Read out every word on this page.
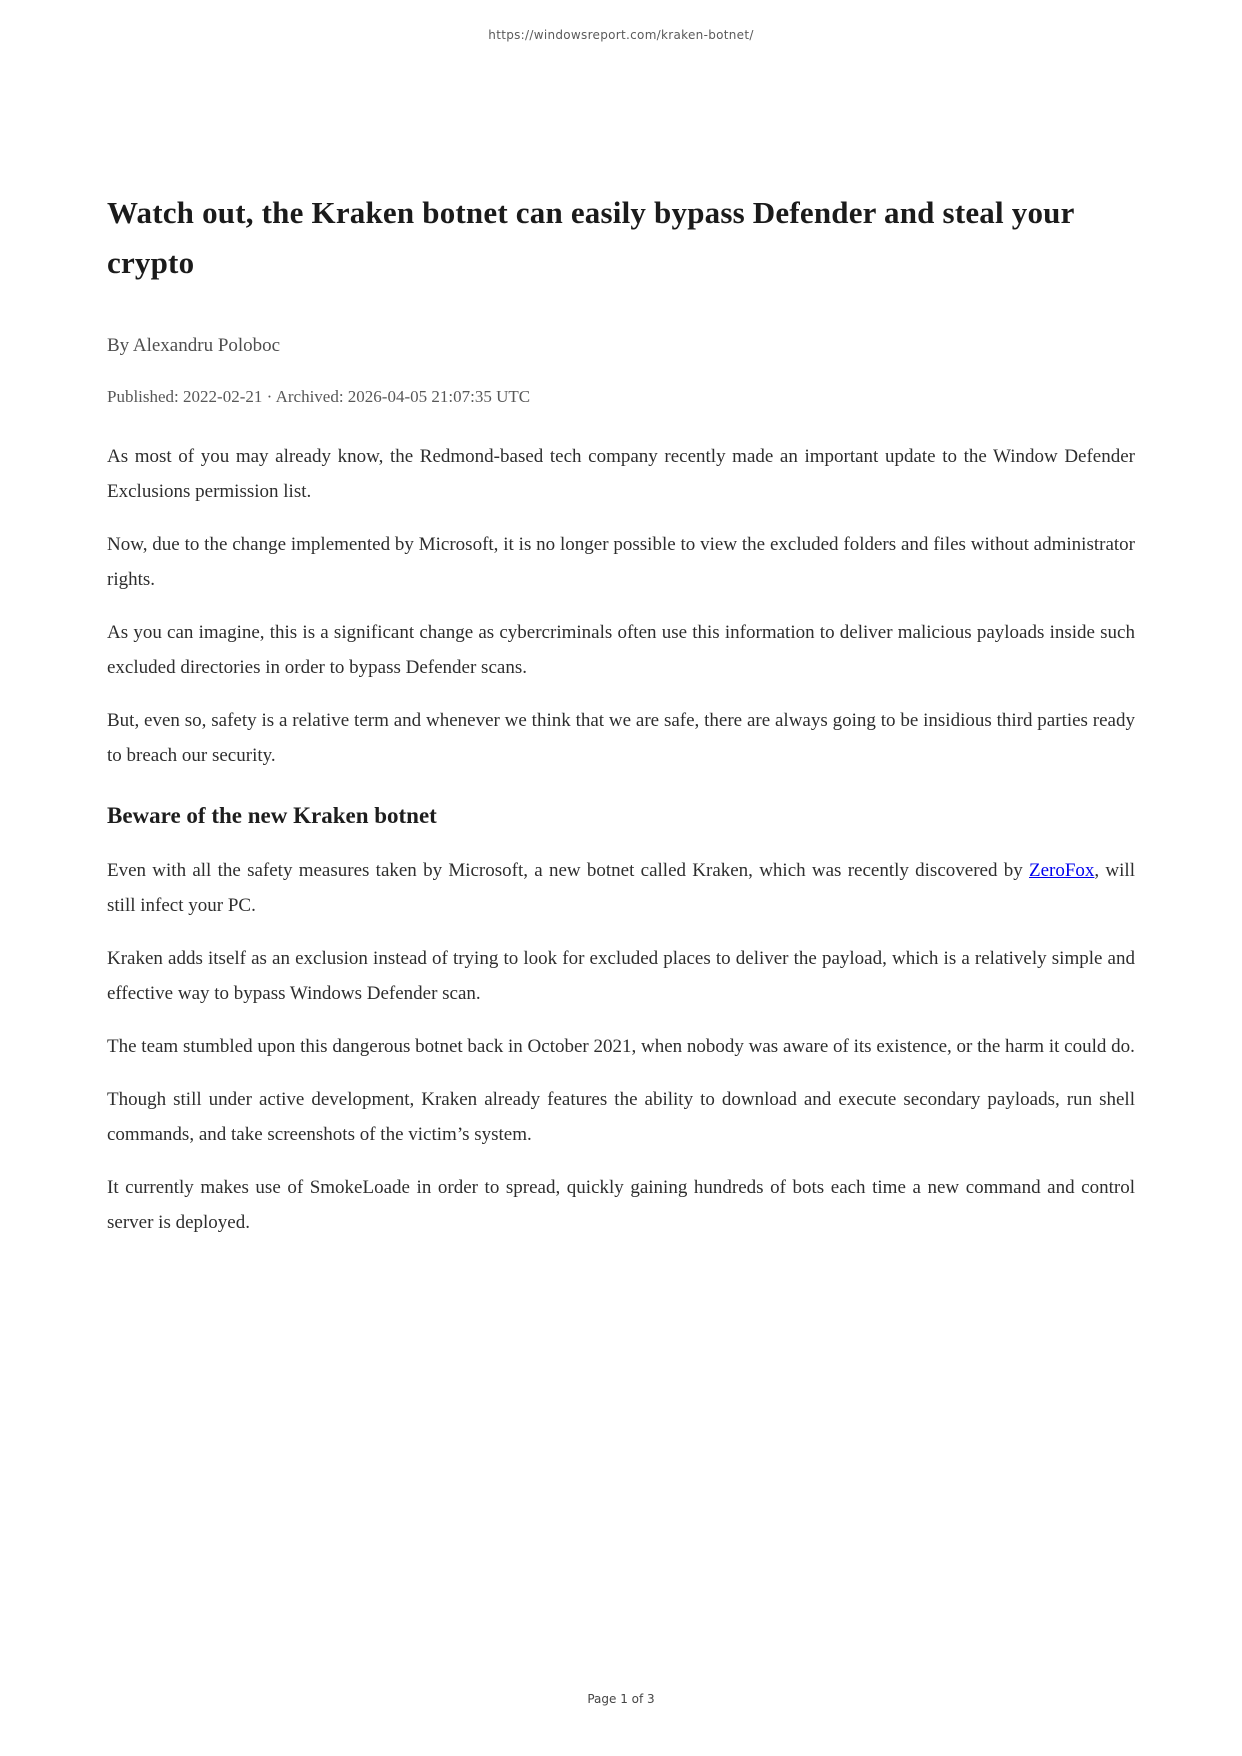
https://windowsreport.com/kraken-botnet/
Watch out, the Kraken botnet can easily bypass Defender and steal your crypto

By Alexandru Poloboc

Published: 2022-02-21 · Archived: 2026-04-05 21:07:35 UTC

As most of you may already know, the Redmond-based tech company recently made an important update to the Window Defender Exclusions permission list.

Now, due to the change implemented by Microsoft, it is no longer possible to view the excluded folders and files without administrator rights.

As you can imagine, this is a significant change as cybercriminals often use this information to deliver malicious payloads inside such excluded directories in order to bypass Defender scans.

But, even so, safety is a relative term and whenever we think that we are safe, there are always going to be insidious third parties ready to breach our security.

Beware of the new Kraken botnet

Even with all the safety measures taken by Microsoft, a new botnet called Kraken, which was recently discovered by ZeroFox, will still infect your PC.

Kraken adds itself as an exclusion instead of trying to look for excluded places to deliver the payload, which is a relatively simple and effective way to bypass Windows Defender scan.

The team stumbled upon this dangerous botnet back in October 2021, when nobody was aware of its existence, or the harm it could do.

Though still under active development, Kraken already features the ability to download and execute secondary payloads, run shell commands, and take screenshots of the victim’s system.

It currently makes use of SmokeLoade in order to spread, quickly gaining hundreds of bots each time a new command and control server is deployed.

Page 1 of 3
